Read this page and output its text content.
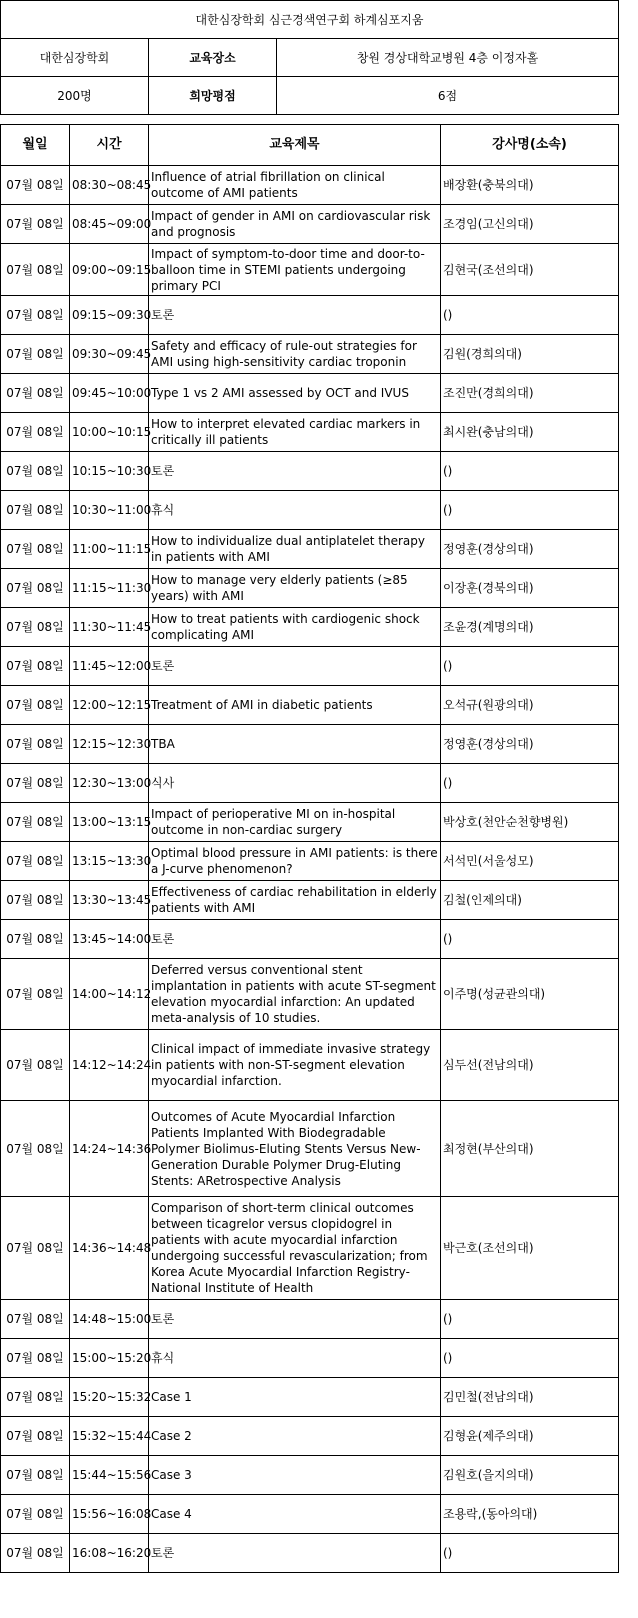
대한심장학회 심근경색연구회 하계심포지움		
대한심장학회	교육장소	창원 경상대학교병원 4층 이정자홀
200명	희망평점	6점
월일	시간	교육제목	강사명(소속)
07월 08일	08:30~08:45	Influence of atrial fibrillation on clinical outcome of AMI patients	배장환(충북의대)
07월 08일	08:45~09:00	Impact of gender in AMI on cardiovascular risk and prognosis	조경임(고신의대)
07월 08일	09:00~09:15	Impact of symptom-to-door time and door-to-balloon time in STEMI patients undergoing primary PCI	김현국(조선의대)
07월 08일	09:15~09:30	토론	()
07월 08일	09:30~09:45	Safety and efficacy of rule-out strategies for AMI using high-sensitivity cardiac troponin	김원(경희의대)
07월 08일	09:45~10:00	Type 1 vs 2 AMI assessed by OCT and IVUS	조진만(경희의대)
07월 08일	10:00~10:15	How to interpret elevated cardiac markers in critically ill patients	최시완(충남의대)
07월 08일	10:15~10:30	토론	()
07월 08일	10:30~11:00	휴식	()
07월 08일	11:00~11:15	How to individualize dual antiplatelet therapy in patients with AMI	정영훈(경상의대)
07월 08일	11:15~11:30	How to manage very elderly patients (≥85 years) with AMI	이장훈(경북의대)
07월 08일	11:30~11:45	How to treat patients with cardiogenic shock complicating AMI	조윤경(계명의대)
07월 08일	11:45~12:00	토론	()
07월 08일	12:00~12:15	Treatment of AMI in diabetic patients	오석규(원광의대)
07월 08일	12:15~12:30	TBA	정영훈(경상의대)
07월 08일	12:30~13:00	식사	()
07월 08일	13:00~13:15	Impact of perioperative MI on in-hospital outcome in non-cardiac surgery	박상호(천안순천향병원)
07월 08일	13:15~13:30	Optimal blood pressure in AMI patients: is there a J-curve phenomenon?	서석민(서울성모)
07월 08일	13:30~13:45	Effectiveness of cardiac rehabilitation in elderly patients with AMI	김철(인제의대)
07월 08일	13:45~14:00	토론	()
07월 08일	14:00~14:12	Deferred versus conventional stent implantation in patients with acute ST-segment elevation myocardial infarction: An updated meta-analysis of 10 studies.	이주명(성균관의대)
07월 08일	14:12~14:24	Clinical impact of immediate invasive strategy in patients with non-ST-segment elevation myocardial infarction.	심두선(전남의대)
07월 08일	14:24~14:36	Outcomes of Acute Myocardial Infarction Patients Implanted With Biodegradable Polymer Biolimus-Eluting Stents Versus New-Generation Durable Polymer Drug-Eluting Stents: ARetrospective Analysis	최정현(부산의대)
07월 08일	14:36~14:48	Comparison of short-term clinical outcomes between ticagrelor versus clopidogrel in patients with acute myocardial infarction undergoing successful revascularization; from Korea Acute Myocardial Infarction Registry-National Institute of Health	박근호(조선의대)
07월 08일	14:48~15:00	토론	()
07월 08일	15:00~15:20	휴식	()
07월 08일	15:20~15:32	Case 1	김민철(전남의대)
07월 08일	15:32~15:44	Case 2	김형윤(제주의대)
07월 08일	15:44~15:56	Case 3	김원호(을지의대)
07월 08일	15:56~16:08	Case 4	조용락,(동아의대)
07월 08일	16:08~16:20	토론	()
